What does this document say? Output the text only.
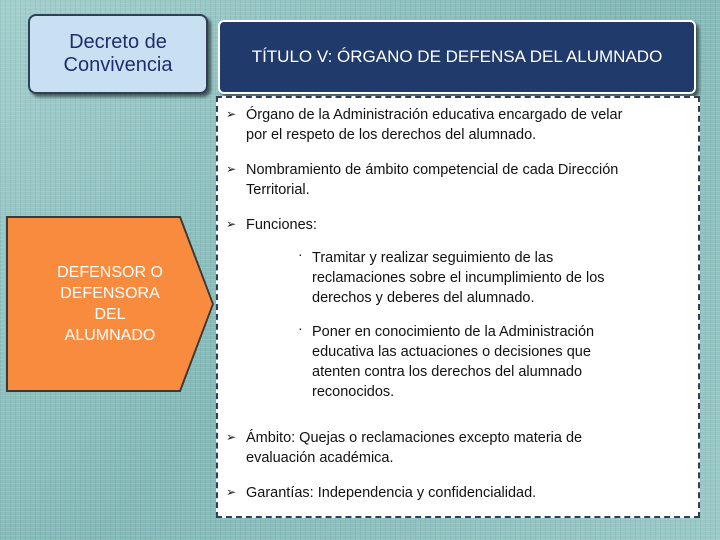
Decreto de
Convivencia	TÍTULO V: ÓRGANO DE DEFENSA DEL ALUMNADO
DEFENSOR O
DEFENSORA
DEL
ALUMNADO
➢ Órgano de la Administración educativa encargado de velar
por el respeto de los derechos del alumnado.
➢ Nombramiento de ámbito competencial de cada Dirección
Territorial.
➢ Funciones:
· Tramitar y realizar seguimiento de las
reclamaciones sobre el incumplimiento de los
derechos y deberes del alumnado.
· Poner en conocimiento de la Administración
educativa las actuaciones o decisiones que
atenten contra los derechos del alumnado
reconocidos.
➢ Ámbito: Quejas o reclamaciones excepto materia de
evaluación académica.
➢ Garantías: Independencia y confidencialidad.
